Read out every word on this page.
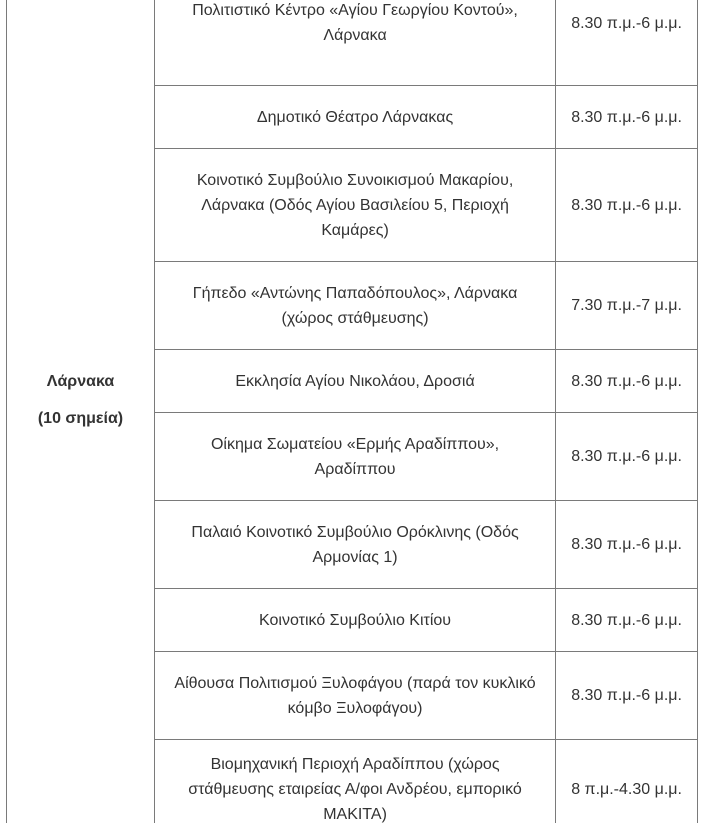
Λάρνακα
(10 σημεία)	Πολιτιστικό Κέντρο «Αγίου Γεωργίου Κοντού», Λάρνακα	8.30 π.μ.-6 μ.μ.
	Δημοτικό Θέατρο Λάρνακας	8.30 π.μ.-6 μ.μ.
	Κοινοτικό Συμβούλιο Συνοικισμού Μακαρίου, Λάρνακα (Οδός Αγίου Βασιλείου 5, Περιοχή Καμάρες)	8.30 π.μ.-6 μ.μ.
	Γήπεδο «Αντώνης Παπαδόπουλος», Λάρνακα (χώρος στάθμευσης)	7.30 π.μ.-7 μ.μ.
	Εκκλησία Αγίου Νικολάου, Δροσιά	8.30 π.μ.-6 μ.μ.
	Οίκημα Σωματείου «Ερμής Αραδίππου», Αραδίππου	8.30 π.μ.-6 μ.μ.
	Παλαιό Κοινοτικό Συμβούλιο Ορόκλινης (Οδός Αρμονίας 1)	8.30 π.μ.-6 μ.μ.
	Κοινοτικό Συμβούλιο Κιτίου	8.30 π.μ.-6 μ.μ.
	Αίθουσα Πολιτισμού Ξυλοφάγου (παρά τον κυκλικό κόμβο Ξυλοφάγου)	8.30 π.μ.-6 μ.μ.
	Βιομηχανική Περιοχή Αραδίππου (χώρος στάθμευσης εταιρείας Α/φοι Ανδρέου, εμπορικό ΜΑΚΙΤΑ)	8 π.μ.-4.30 μ.μ.
